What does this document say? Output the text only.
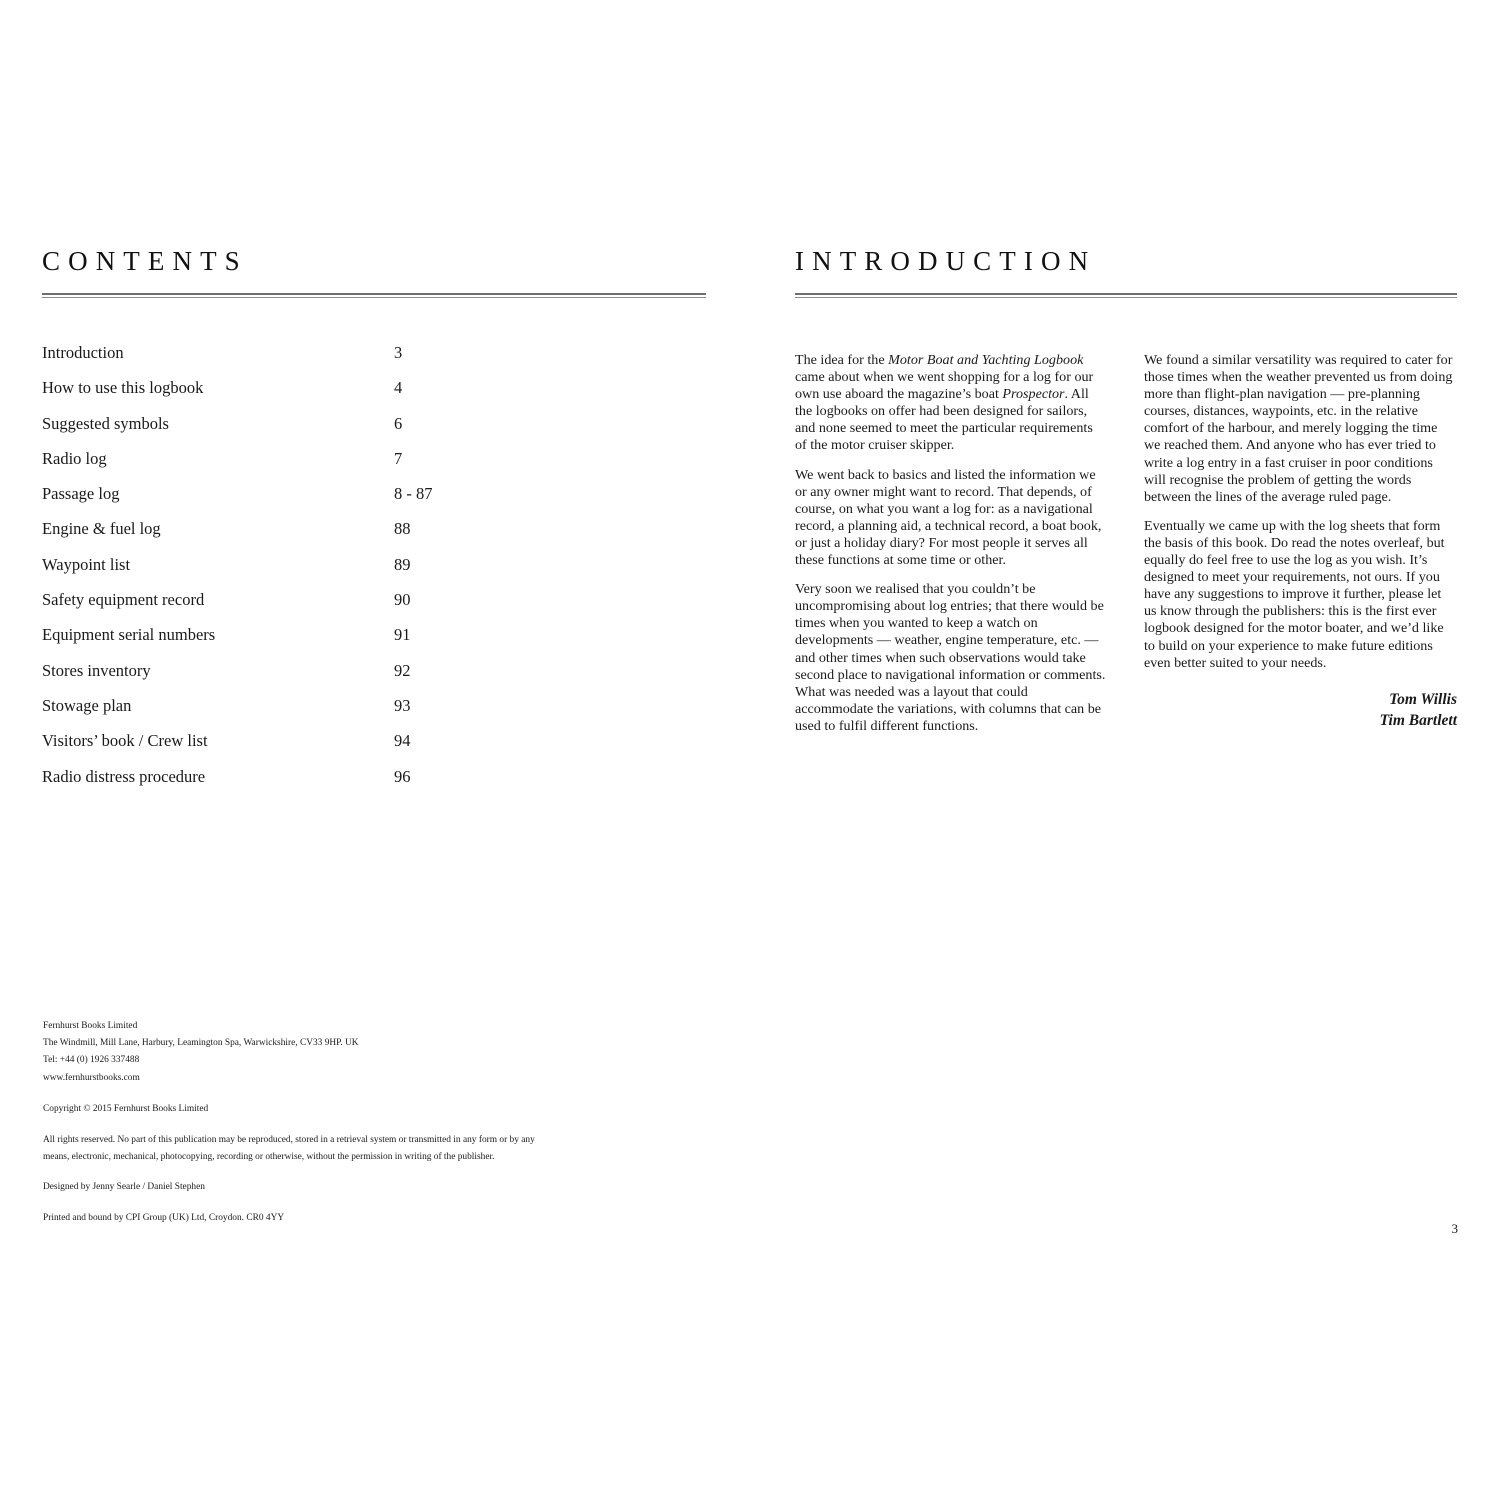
CONTENTS
Introduction	3
How to use this logbook	4
Suggested symbols	6
Radio log	7
Passage log	8 - 87
Engine & fuel log	88
Waypoint list	89
Safety equipment record	90
Equipment serial numbers	91
Stores inventory	92
Stowage plan	93
Visitors’ book / Crew list	94
Radio distress procedure	96
Fernhurst Books Limited
The Windmill, Mill Lane, Harbury, Leamington Spa, Warwickshire, CV33 9HP. UK
Tel: +44 (0) 1926 337488
www.fernhurstbooks.com
Copyright © 2015 Fernhurst Books Limited
All rights reserved. No part of this publication may be reproduced, stored in a retrieval system or transmitted in any form or by any
means, electronic, mechanical, photocopying, recording or otherwise, without the permission in writing of the publisher.
Designed by Jenny Searle / Daniel Stephen
Printed and bound by CPI Group (UK) Ltd, Croydon. CR0 4YY
INTRODUCTION

The idea for the Motor Boat and Yachting Logbook came about when we went shopping for a log for our own use aboard the magazine’s boat Prospector. All the logbooks on offer had been designed for sailors, and none seemed to meet the particular requirements of the motor cruiser skipper.

We went back to basics and listed the information we or any owner might want to record. That depends, of course, on what you want a log for: as a navigational record, a planning aid, a technical record, a boat book, or just a holiday diary? For most people it serves all these functions at some time or other.

Very soon we realised that you couldn’t be uncompromising about log entries; that there would be times when you wanted to keep a watch on developments — weather, engine temperature, etc. — and other times when such observations would take second place to navigational information or comments. What was needed was a layout that could accommodate the variations, with columns that can be used to fulfil different functions.

We found a similar versatility was required to cater for those times when the weather prevented us from doing more than flight-plan navigation — pre-planning courses, distances, waypoints, etc. in the relative comfort of the harbour, and merely logging the time we reached them. And anyone who has ever tried to write a log entry in a fast cruiser in poor conditions will recognise the problem of getting the words between the lines of the average ruled page.

Eventually we came up with the log sheets that form the basis of this book. Do read the notes overleaf, but equally do feel free to use the log as you wish. It’s designed to meet your requirements, not ours. If you have any suggestions to improve it further, please let us know through the publishers: this is the first ever logbook designed for the motor boater, and we’d like to build on your experience to make future editions even better suited to your needs.

Tom Willis
Tim Bartlett
3
